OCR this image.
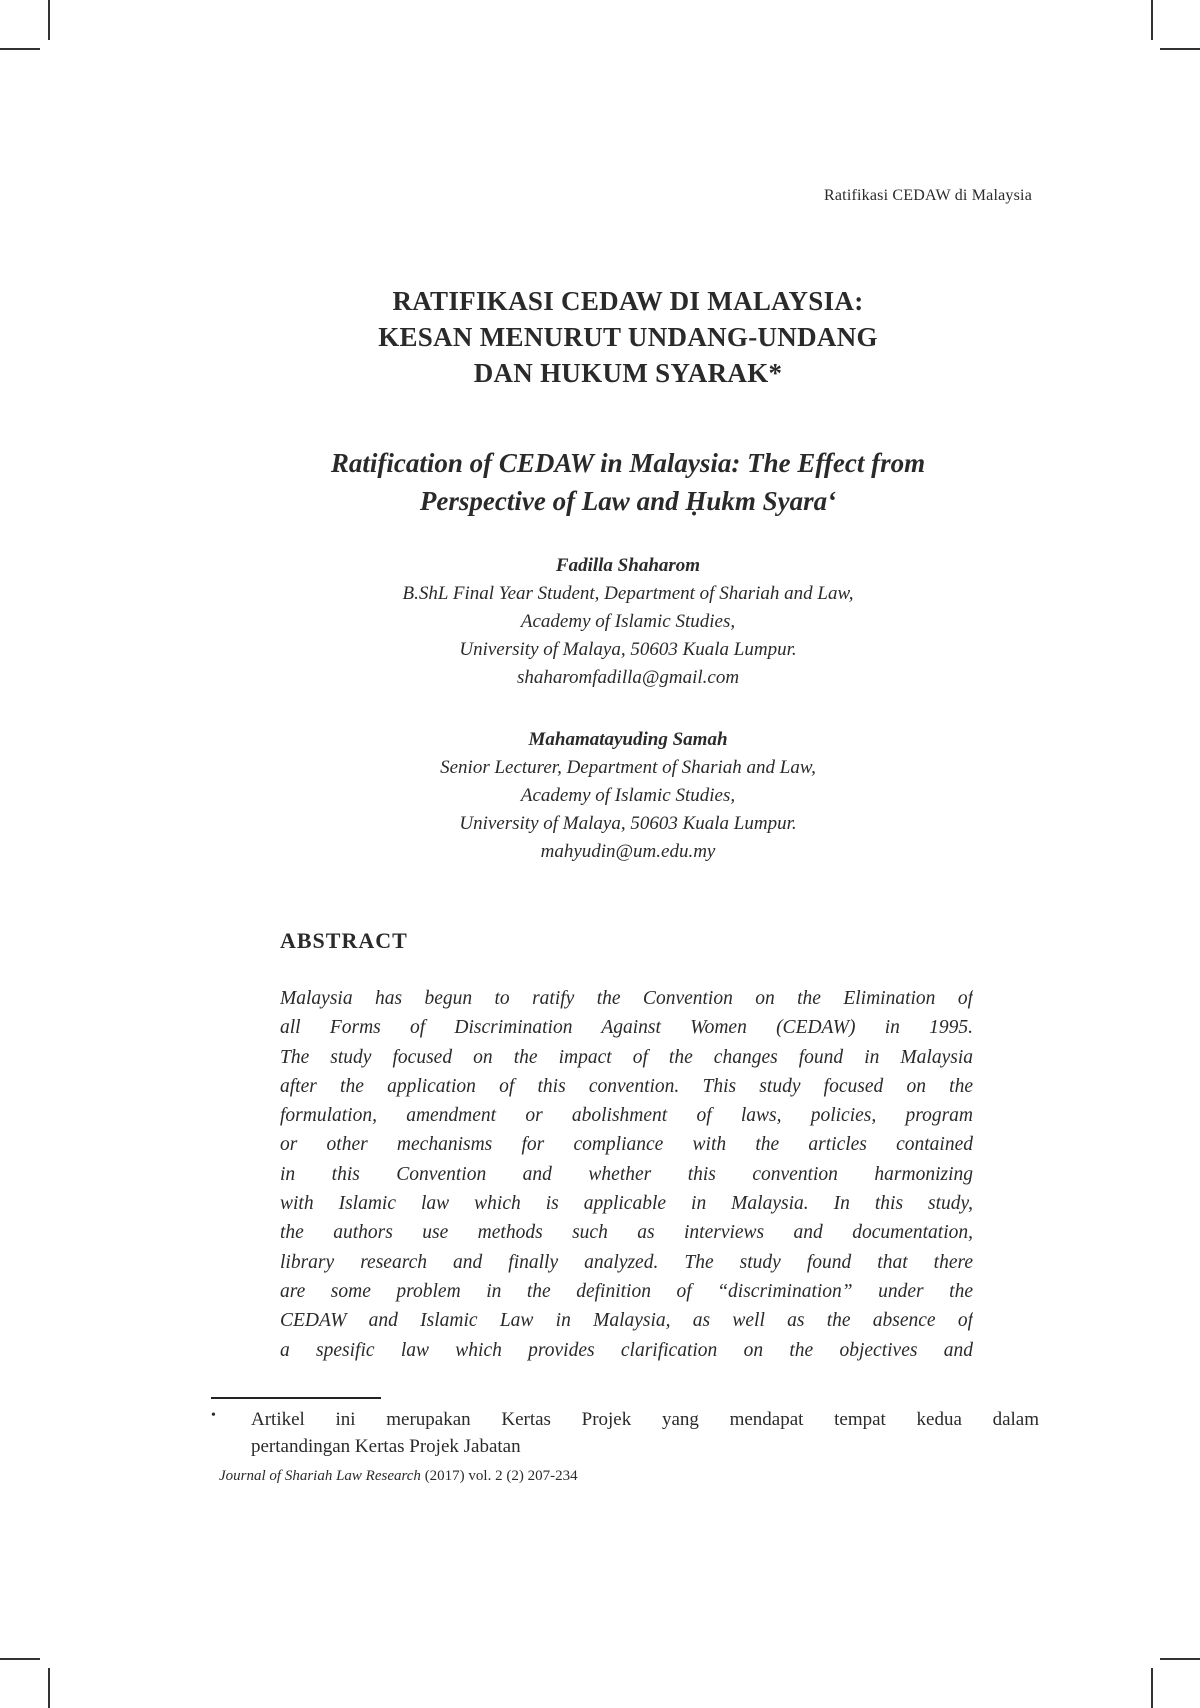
Ratifikasi CEDAW di Malaysia
RATIFIKASI CEDAW DI MALAYSIA:
KESAN MENURUT UNDANG-UNDANG
DAN HUKUM SYARAK*
Ratification of CEDAW in Malaysia: The Effect from
Perspective of Law and Ḥukm Syara‘
Fadilla Shaharom
B.ShL Final Year Student, Department of Shariah and Law,
Academy of Islamic Studies,
University of Malaya, 50603 Kuala Lumpur.
shaharomfadilla@gmail.com
Mahamatayuding Samah
Senior Lecturer, Department of Shariah and Law,
Academy of Islamic Studies,
University of Malaya, 50603 Kuala Lumpur.
mahyudin@um.edu.my
ABSTRACT
Malaysia has begun to ratify the Convention on the Elimination of
all Forms of Discrimination Against Women (CEDAW) in 1995.
The study focused on the impact of the changes found in Malaysia
after the application of this convention. This study focused on the
formulation, amendment or abolishment of laws, policies, program
or other mechanisms for compliance with the articles contained
in this Convention and whether this convention harmonizing
with Islamic law which is applicable in Malaysia. In this study,
the authors use methods such as interviews and documentation,
library research and finally analyzed. The study found that there
are some problem in the definition of “discrimination” under the
CEDAW and Islamic Law in Malaysia, as well as the absence of
a spesific law which provides clarification on the objectives and
• Artikel ini merupakan Kertas Projek yang mendapat tempat kedua dalam
pertandingan Kertas Projek Jabatan
Journal of Shariah Law Research (2017) vol. 2 (2) 207-234
